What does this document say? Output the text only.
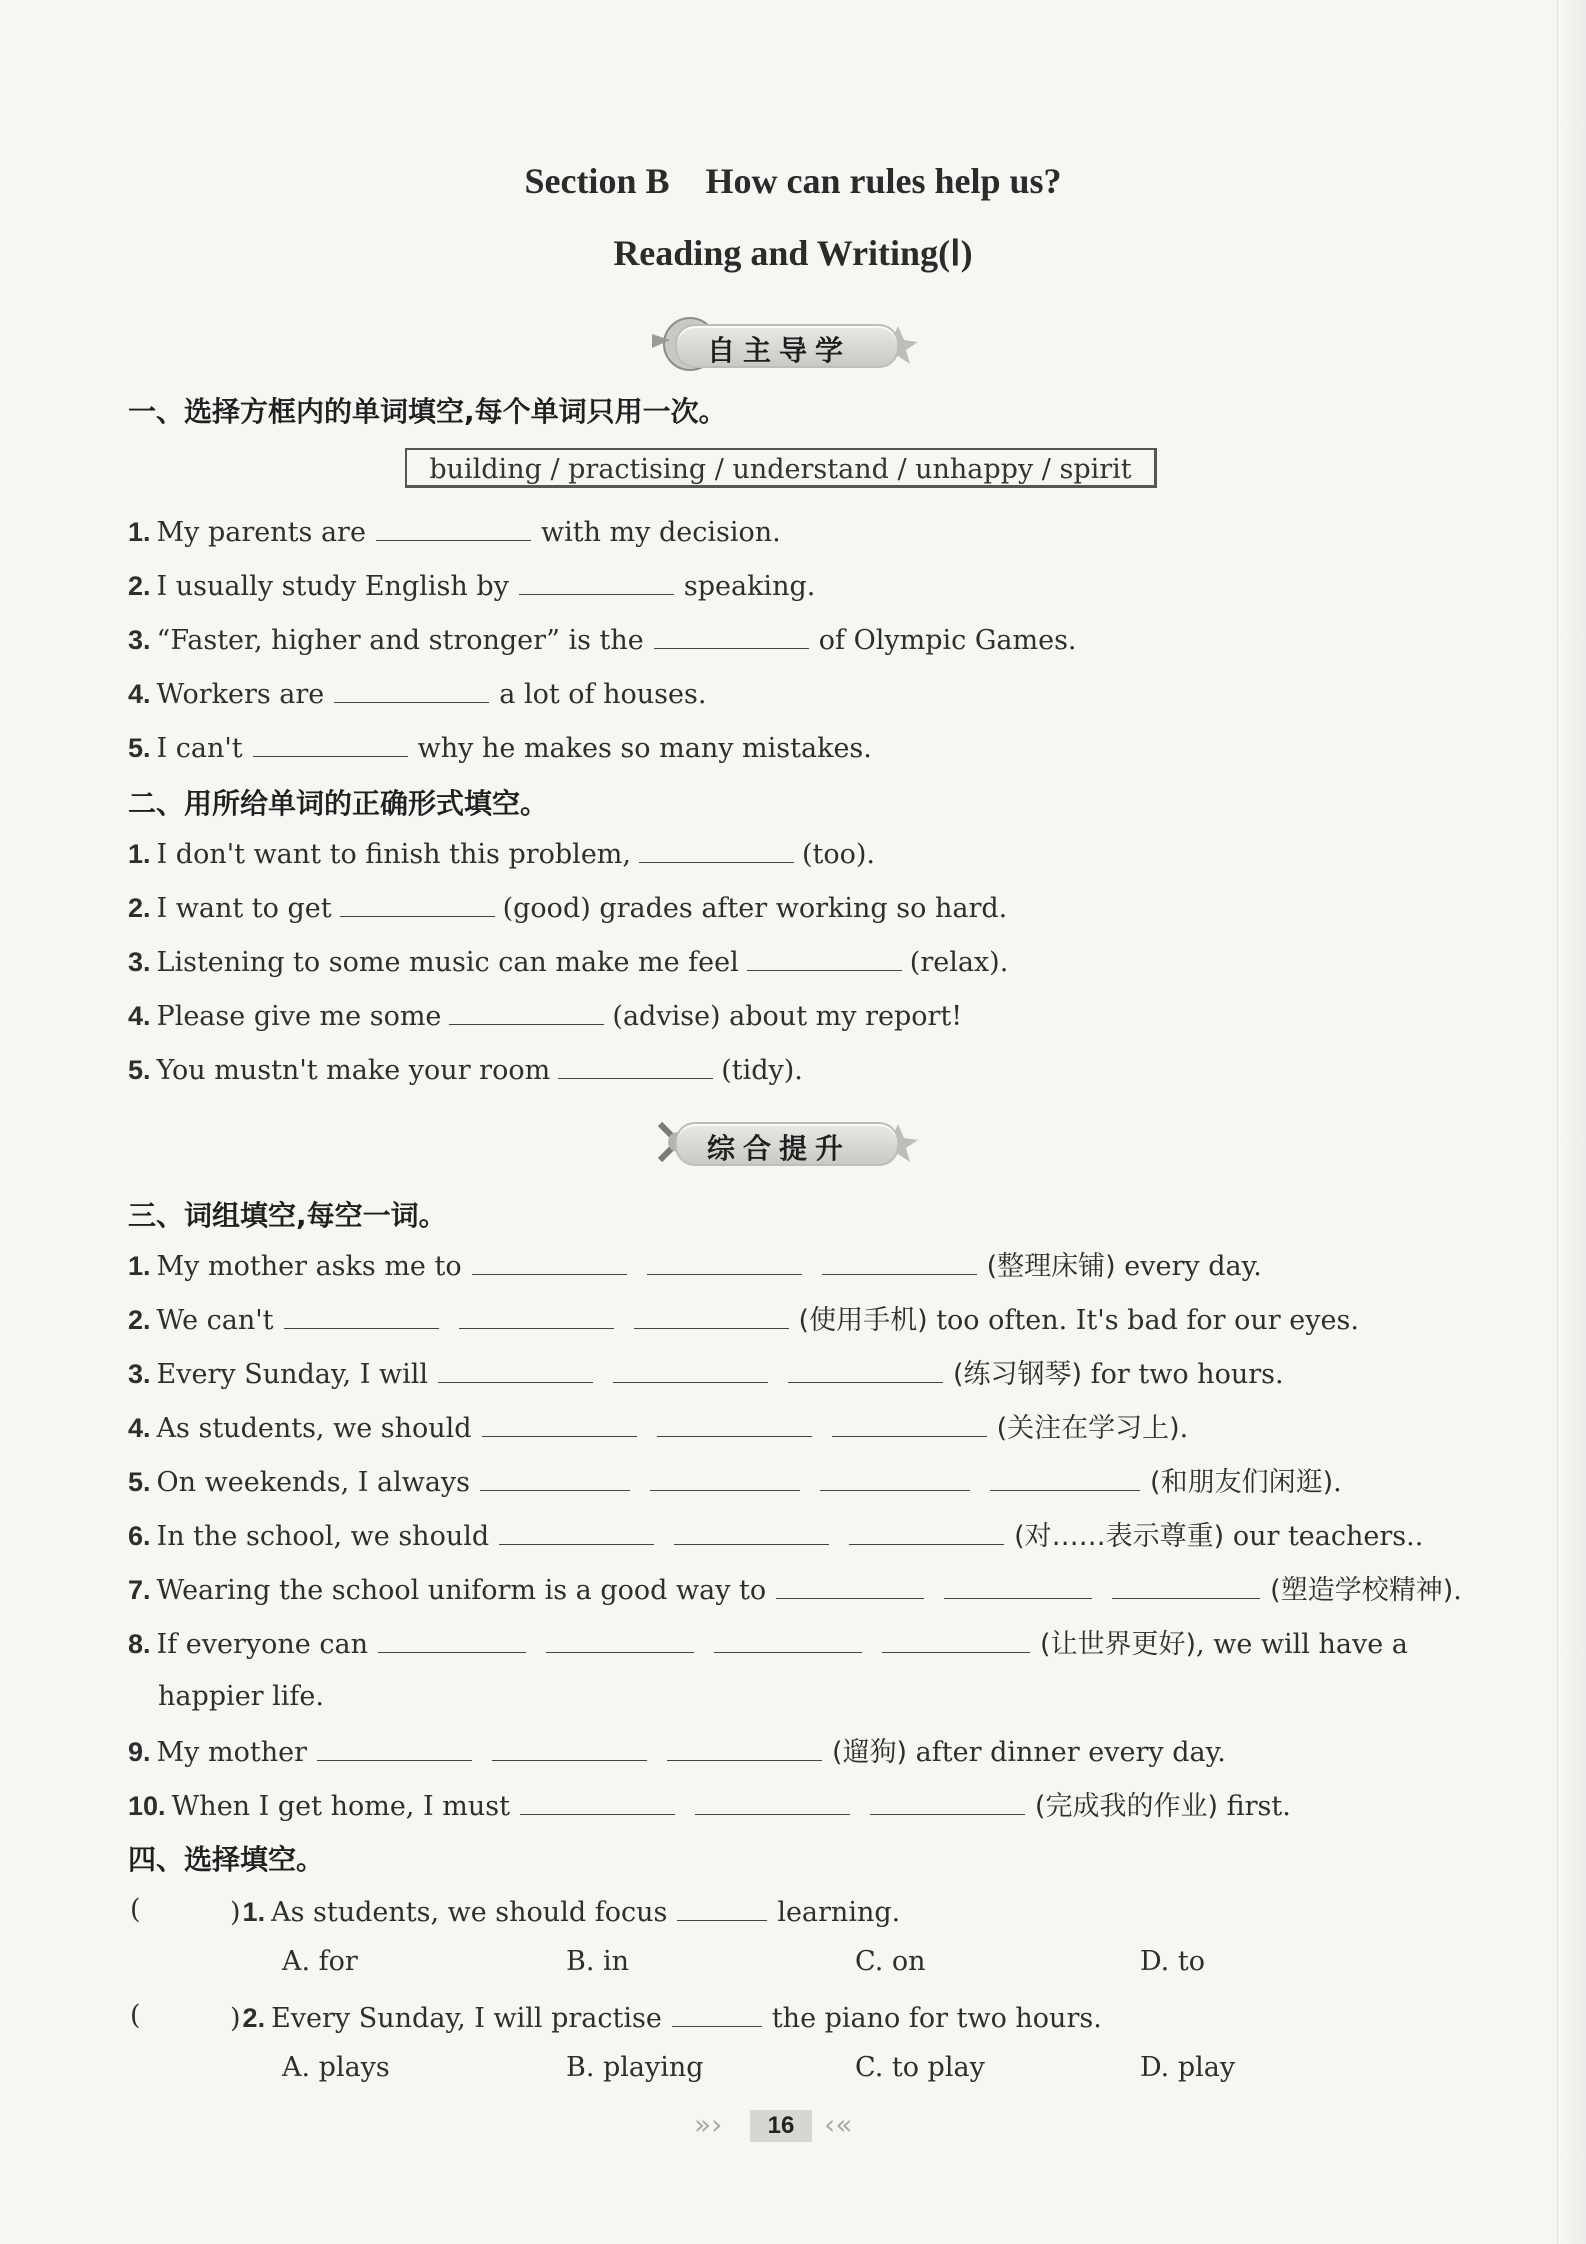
Section B How can rules help us?
Reading and Writing(Ⅰ)
自主导学
一、选择方框内的单词填空,每个单词只用一次。
building / practising / understand / unhappy / spirit
1. My parents are	with my decision.
2. I usually study English by	speaking.
3. “Faster, higher and stronger” is the	of Olympic Games.
4. Workers are	a lot of houses.
5. I can't	why he makes so many mistakes.
二、用所给单词的正确形式填空。
1. I don't want to finish this problem,	(too).
2. I want to get	(good) grades after working so hard.
3. Listening to some music can make me feel	(relax).
4. Please give me some	(advise) about my report!
5. You mustn't make your room	(tidy).
综合提升
三、词组填空,每空一词。
1. My mother asks me to	(整理床铺) every day.
2. We can't	(使用手机) too often. It's bad for our eyes.
3. Every Sunday, I will	(练习钢琴) for two hours.
4. As students, we should	(关注在学习上).
5. On weekends, I always	(和朋友们闲逛).
6. In the school, we should	(对……表示尊重) our teachers..
7. Wearing the school uniform is a good way to	(塑造学校精神).
8. If everyone can	(让世界更好), we will have a
happier life.
9. My mother	(遛狗) after dinner every day.
10. When I get home, I must	(完成我的作业) first.
四、选择填空。
(	)1. As students, we should focus	learning.
A. for	B. in	C. on	D. to
(	)2. Every Sunday, I will practise	the piano for two hours.
A. plays	B. playing	C. to play	D. play
»›	16	‹«
